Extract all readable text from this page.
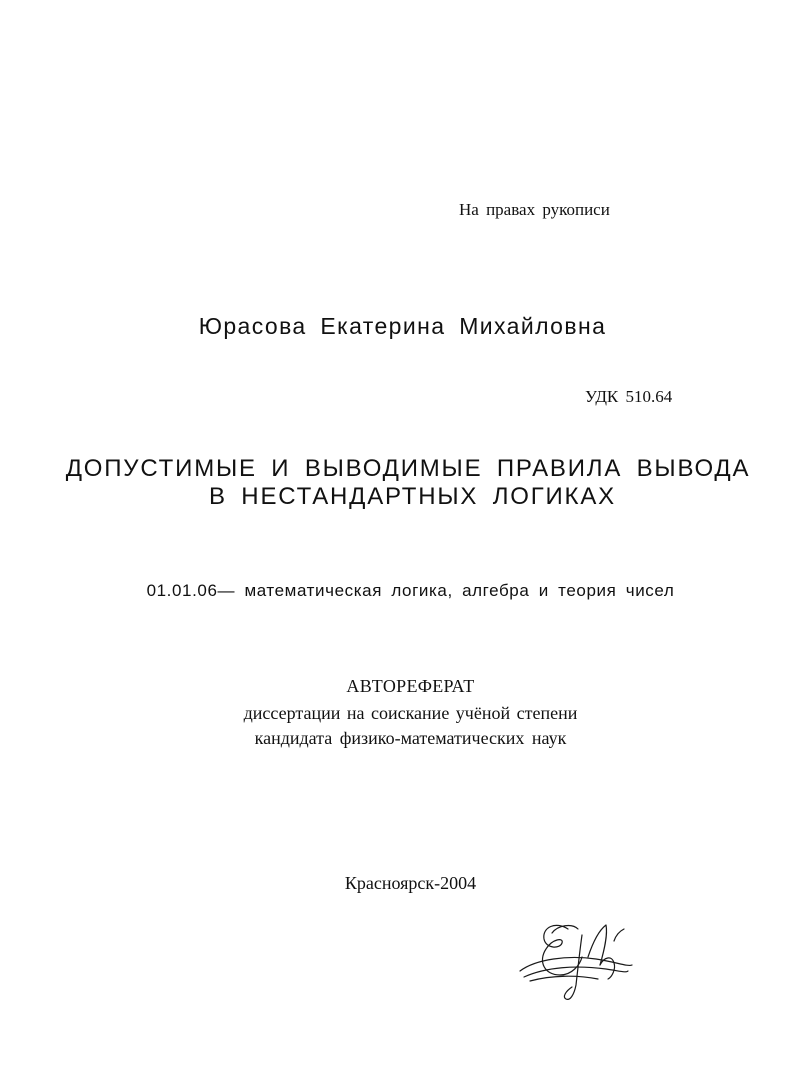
На правах рукописи
Юрасова Екатерина Михайловна
УДК 510.64
ДОПУСТИМЫЕ И ВЫВОДИМЫЕ ПРАВИЛА ВЫВОДА
В НЕСТАНДАРТНЫХ ЛОГИКАХ
01.01.06— математическая логика, алгебра и теория чисел
АВТОРЕФЕРАТ
диссертации на соискание учёной степени
кандидата физико-математических наук
Красноярск-2004
